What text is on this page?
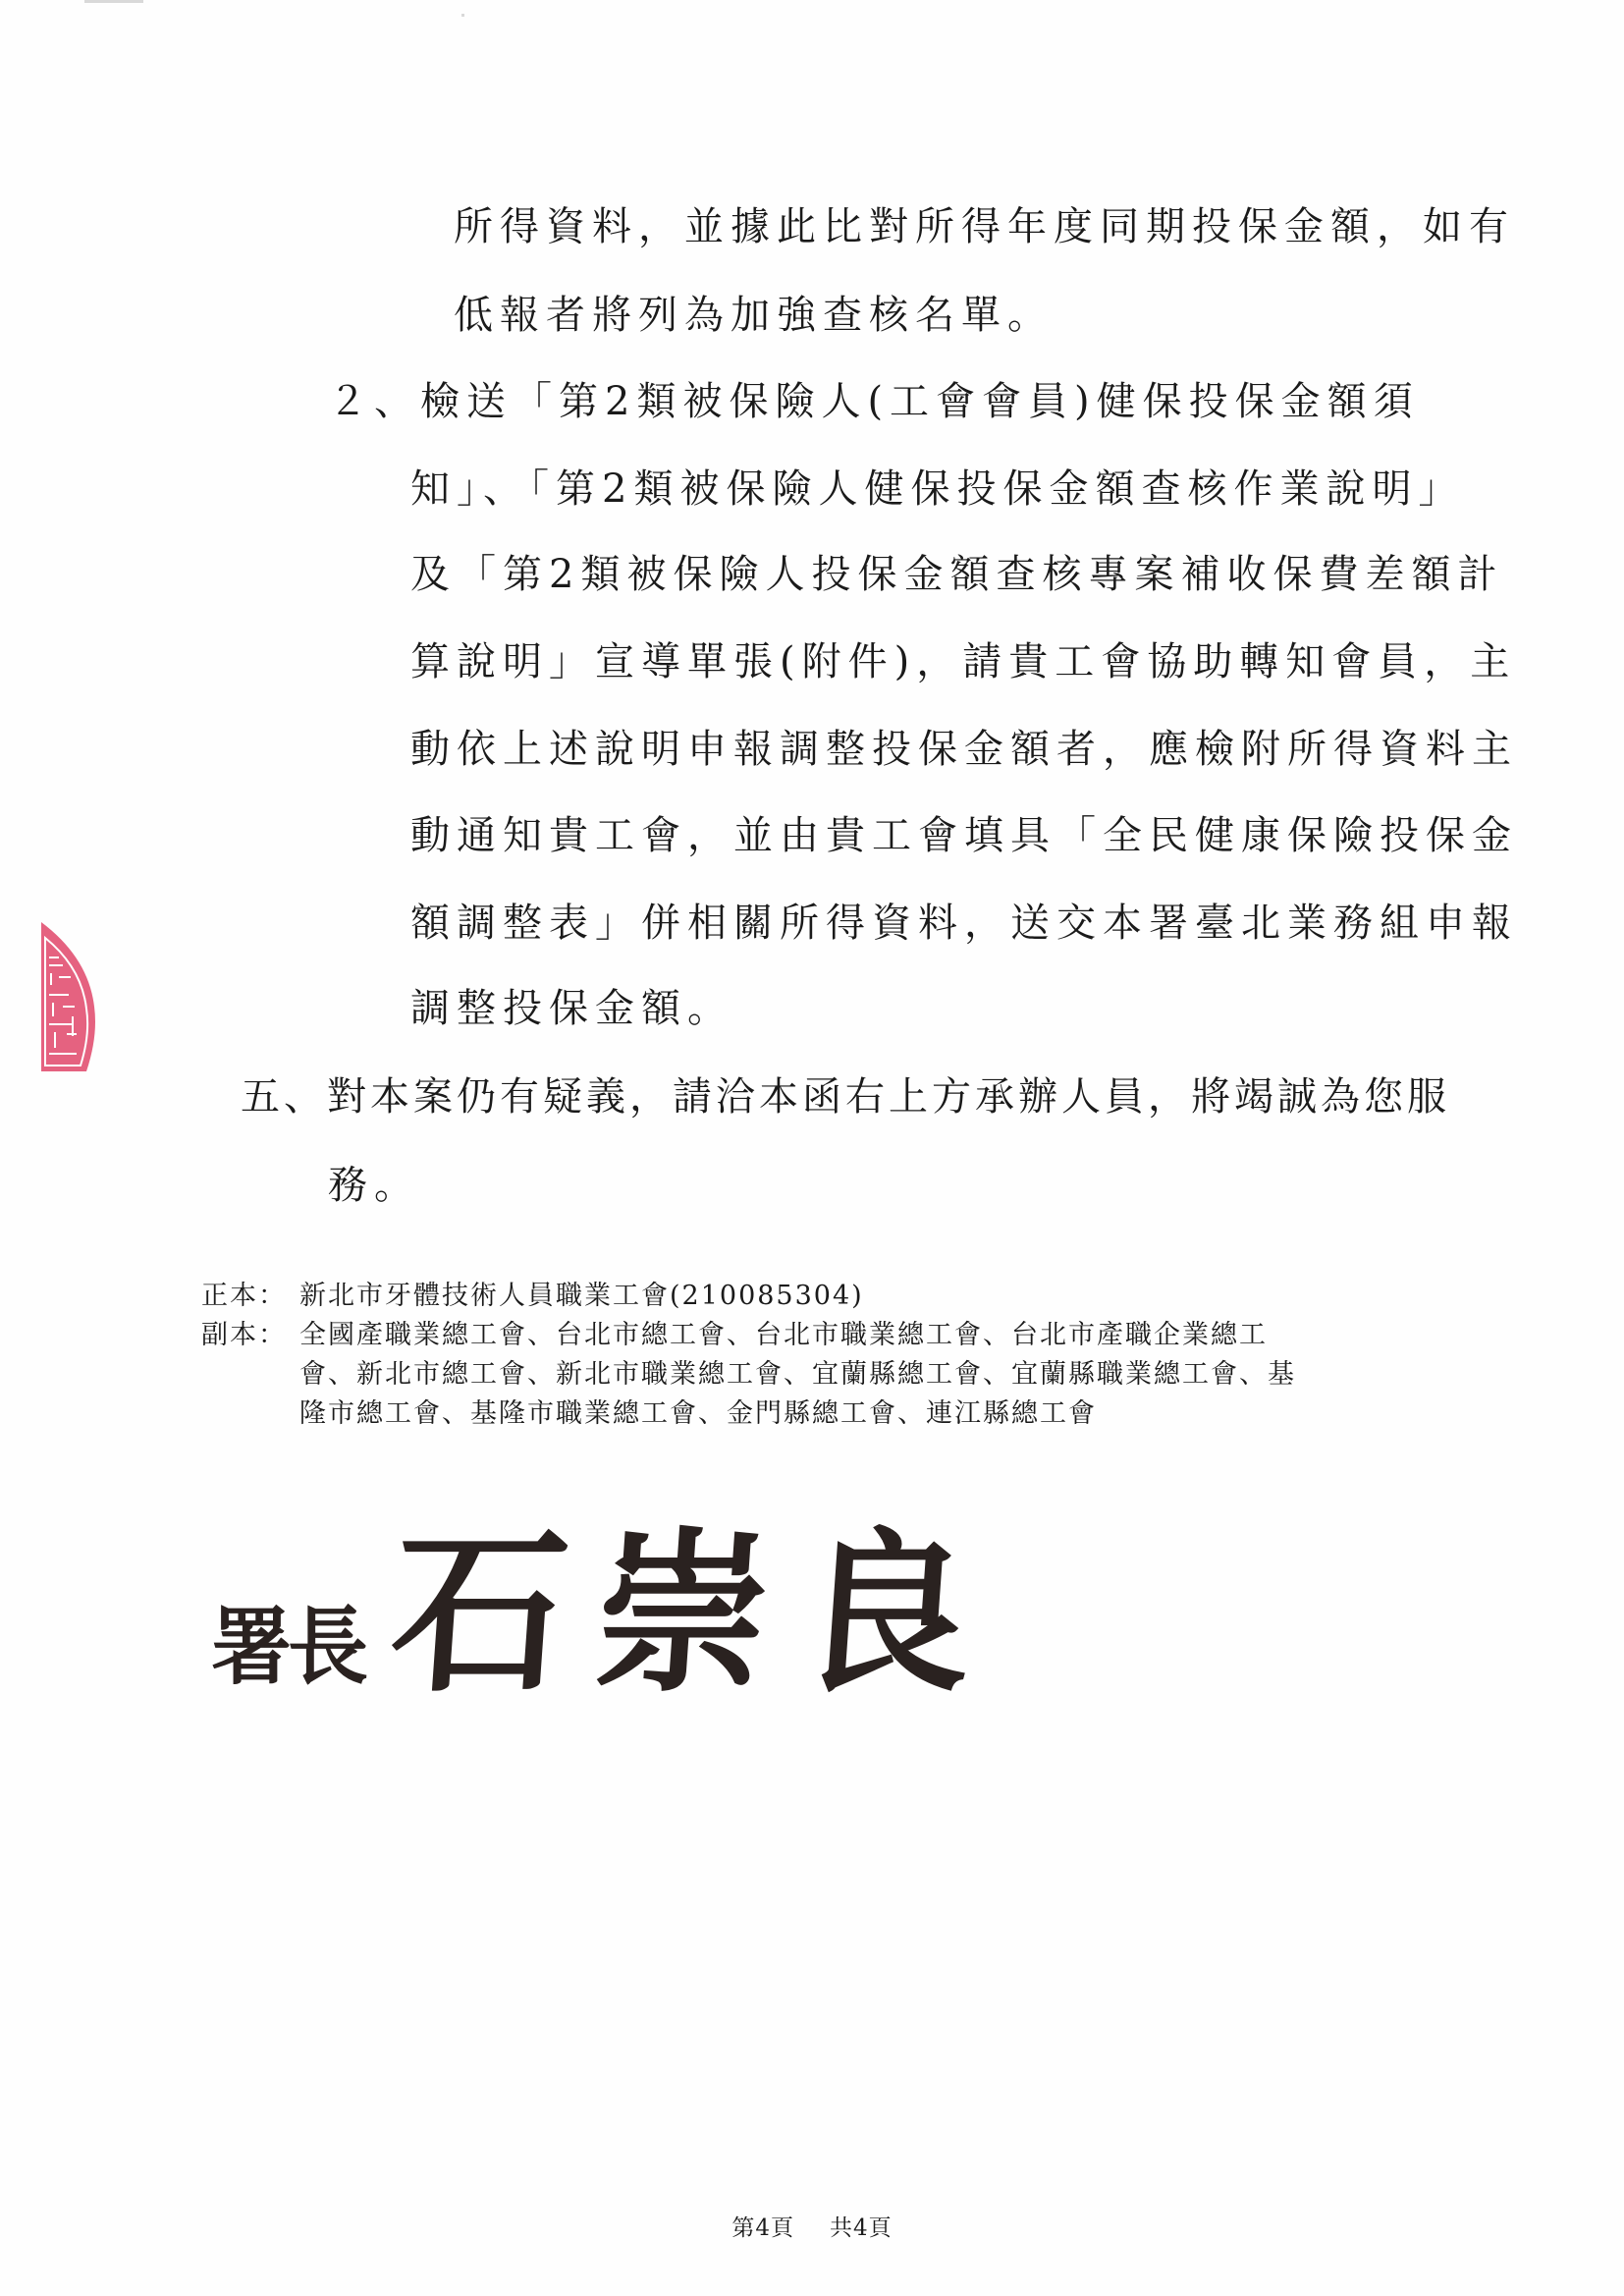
所得資料，並據此比對所得年度同期投保金額，如有
低報者將列為加強查核名單。
２、檢送「第2類被保險人(工會會員)健保投保金額須
知」、「第2類被保險人健保投保金額查核作業說明」
及「第2類被保險人投保金額查核專案補收保費差額計
算說明」宣導單張(附件)，請貴工會協助轉知會員，主
動依上述說明申報調整投保金額者，應檢附所得資料主
動通知貴工會，並由貴工會填具「全民健康保險投保金
額調整表」併相關所得資料，送交本署臺北業務組申報
調整投保金額。
五、對本案仍有疑義，請洽本函右上方承辦人員，將竭誠為您服
務。
正本： 新北市牙體技術人員職業工會(210085304)
副本： 全國產職業總工會、台北市總工會、台北市職業總工會、台北市產職企業總工
會、新北市總工會、新北市職業總工會、宜蘭縣總工會、宜蘭縣職業總工會、基
隆市總工會、基隆市職業總工會、金門縣總工會、連江縣總工會
署長 石崇良
第4頁 共4頁
